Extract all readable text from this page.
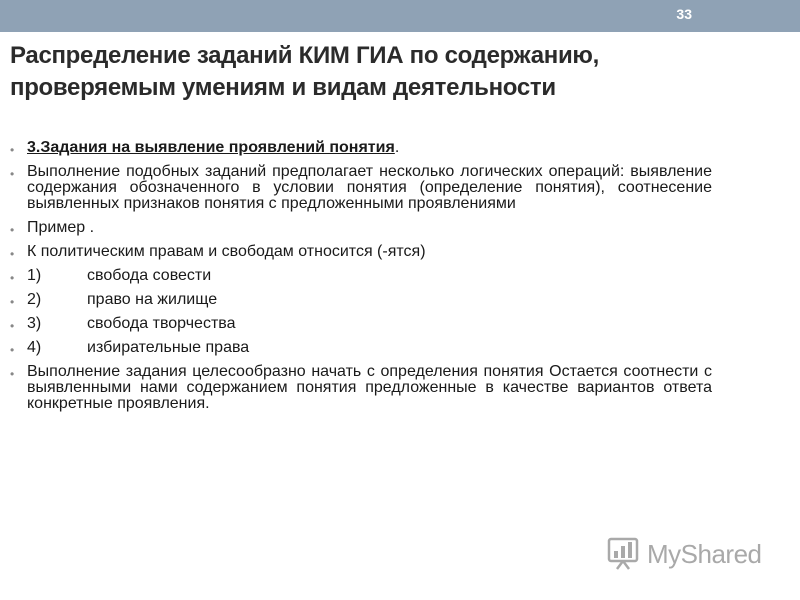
33
Распределение заданий КИМ ГИА по содержанию,
проверяемым умениям и видам деятельности
• 3.Задания на выявление проявлений понятия.
• Выполнение подобных заданий предполагает несколько логических операций: выявление содержания обозначенного в условии понятия (определение понятия), соотнесение выявленных признаков понятия с предложенными проявлениями
• Пример .
• К политическим правам и свободам относится (-ятся)
• 1)	свобода совести
• 2)	право на жилище
• 3)	свобода творчества
• 4)	избирательные права
• Выполнение задания целесообразно начать с определения понятия Остается соотнести с выявленными нами содержанием понятия предложенные в качестве вариантов ответа конкретные проявления.
MyShared
